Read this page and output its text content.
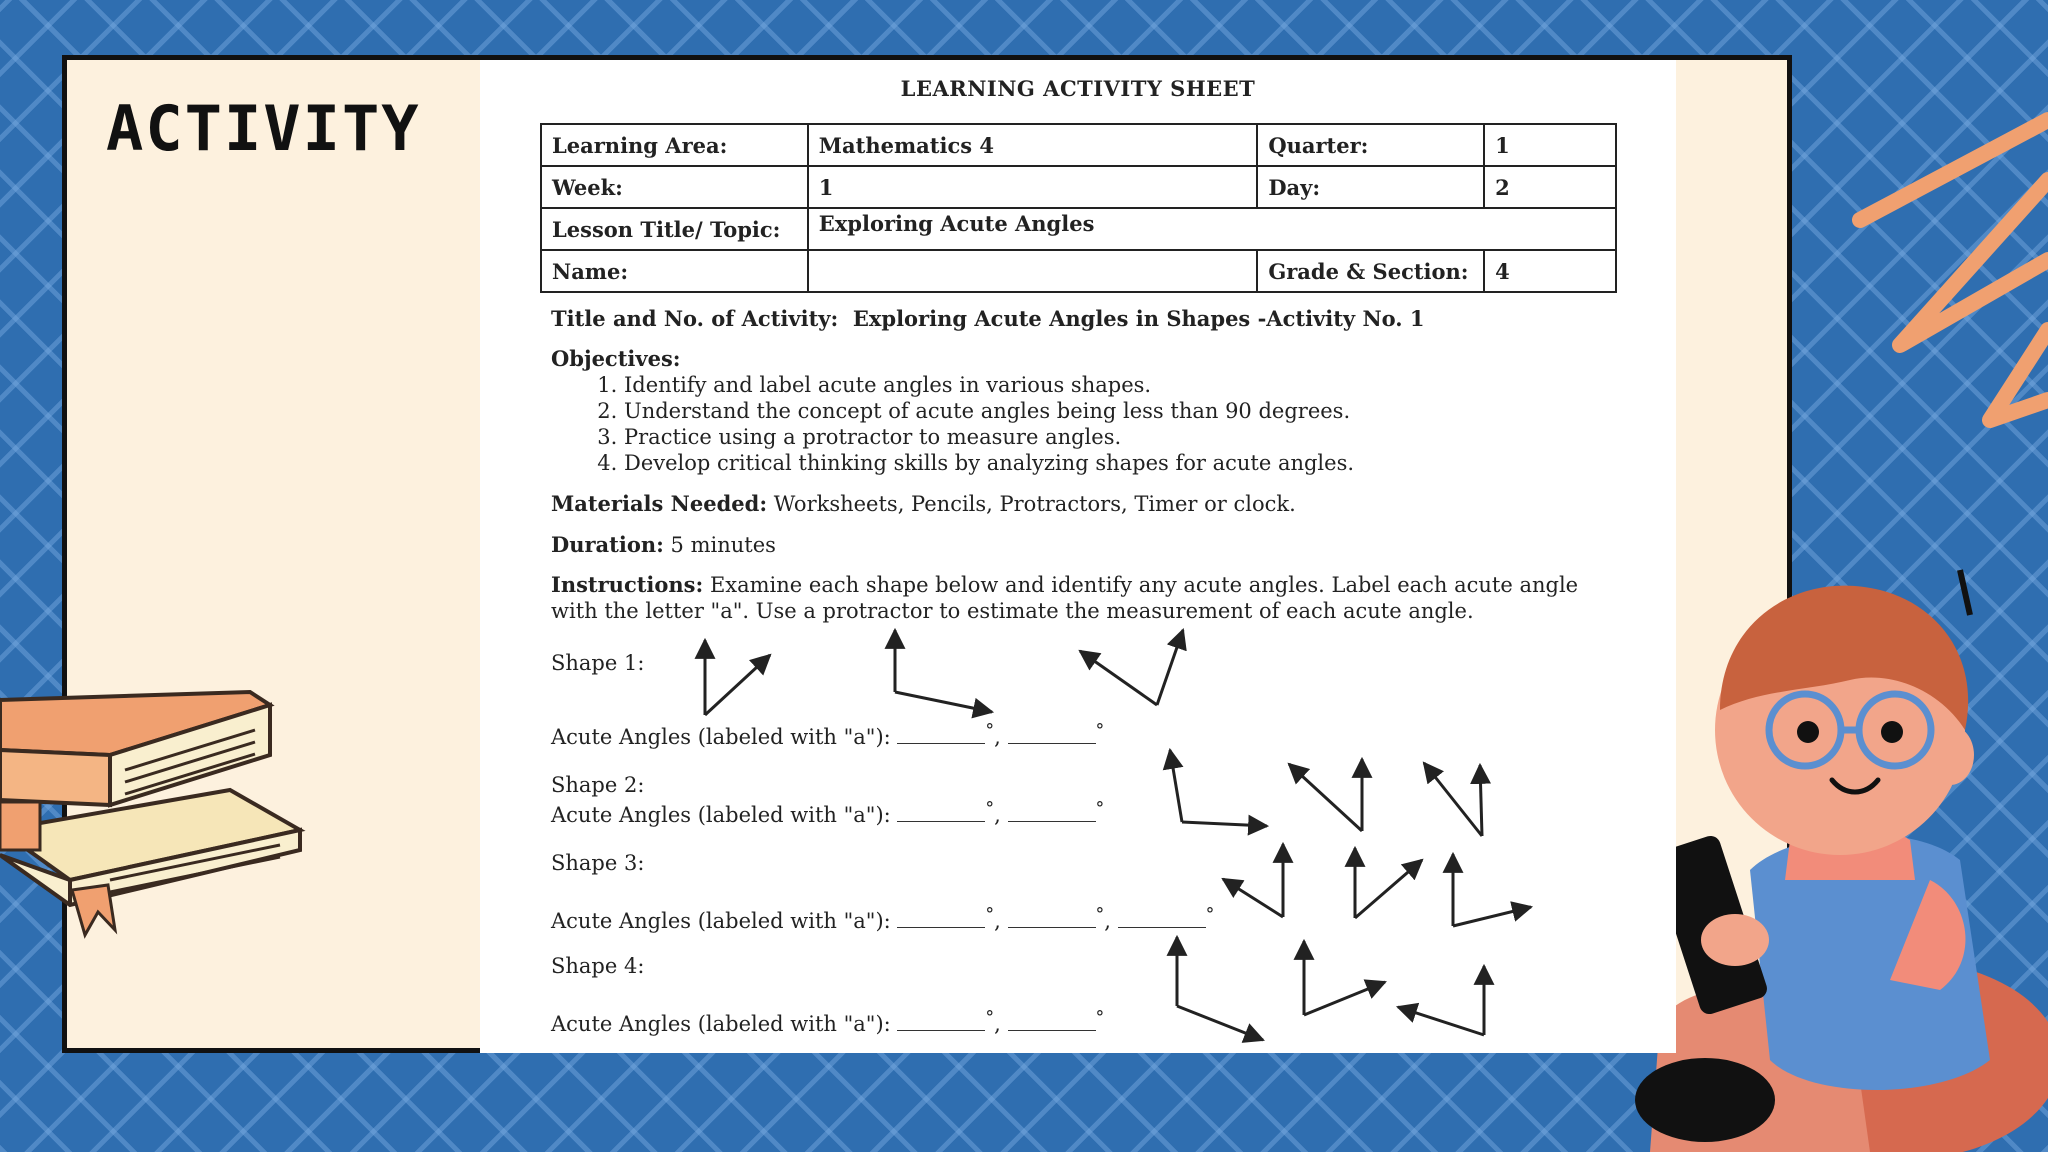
ACTIVITY
LEARNING ACTIVITY SHEET
Learning Area:	Mathematics 4	Quarter:	1
Week:	1	Day:	2
Lesson Title/ Topic:	Exploring Acute Angles		
Name:		Grade & Section:	4
Title and No. of Activity: Exploring Acute Angles in Shapes -Activity No. 1
Objectives:
1. Identify and label acute angles in various shapes.
2. Understand the concept of acute angles being less than 90 degrees.
3. Practice using a protractor to measure angles.
4. Develop critical thinking skills by analyzing shapes for acute angles.
Materials Needed: Worksheets, Pencils, Protractors, Timer or clock.
Duration: 5 minutes
Instructions: Examine each shape below and identify any acute angles. Label each acute angle with the letter "a". Use a protractor to estimate the measurement of each acute angle.
Shape 1:
Acute Angles (labeled with "a"):	°,	°
Shape 2:
Acute Angles (labeled with "a"):	°,	°
Shape 3:
Acute Angles (labeled with "a"):	°,	°,	°
Shape 4:
Acute Angles (labeled with "a"):	°,	°
